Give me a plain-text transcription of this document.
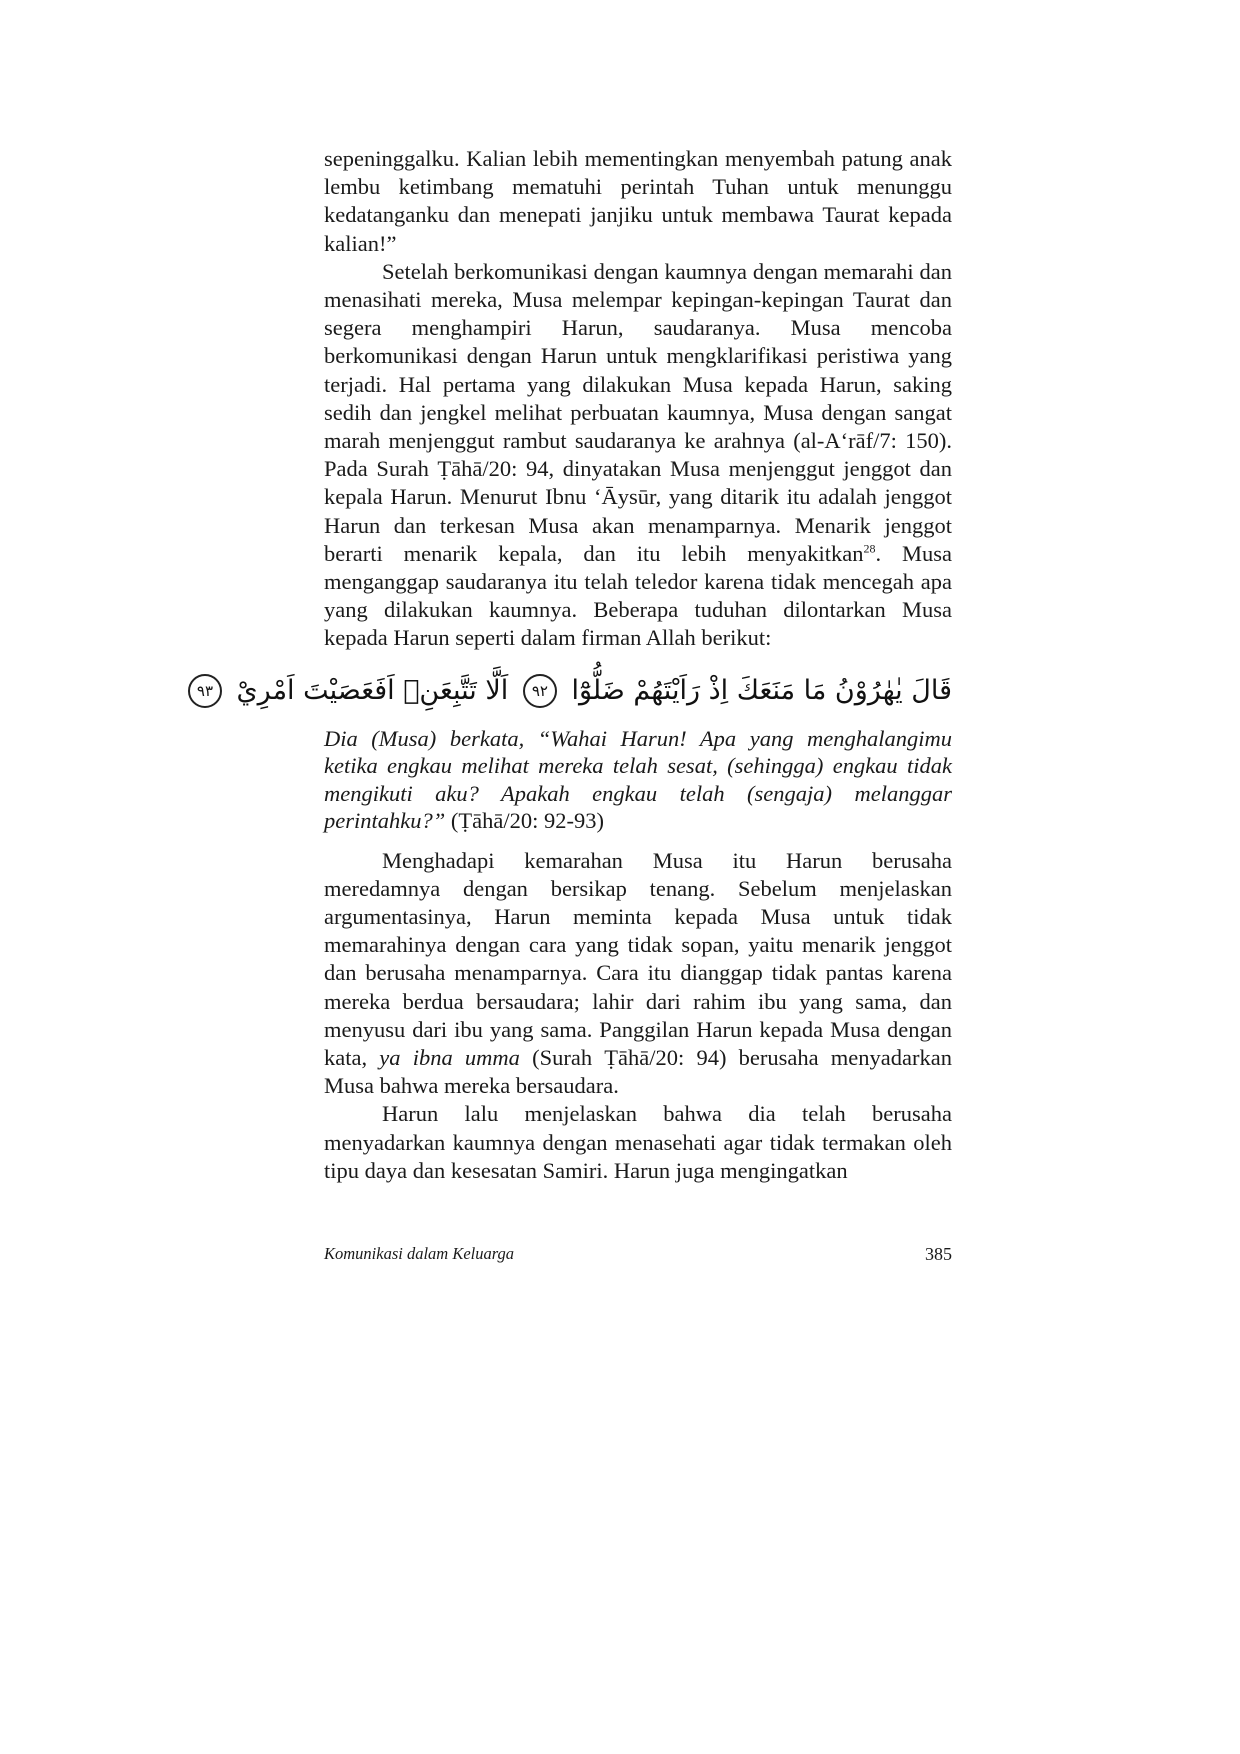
sepeninggalku. Kalian lebih mementingkan menyembah patung anak lembu ketimbang mematuhi perintah Tuhan untuk menunggu kedatanganku dan menepati janjiku untuk membawa Taurat kepada kalian!”

Setelah berkomunikasi dengan kaumnya dengan memarahi dan menasihati mereka, Musa melempar kepingan-kepingan Taurat dan segera menghampiri Harun, saudaranya. Musa mencoba berkomunikasi dengan Harun untuk mengklarifikasi peristiwa yang terjadi. Hal pertama yang dilakukan Musa kepada Harun, saking sedih dan jengkel melihat perbuatan kaumnya, Musa dengan sangat marah menjenggut rambut saudaranya ke arahnya (al-A‘rāf/7: 150). Pada Surah Ṭāhā/20: 94, dinyatakan Musa menjenggut jenggot dan kepala Harun. Menurut Ibnu ‘Āysūr, yang ditarik itu adalah jenggot Harun dan terkesan Musa akan menamparnya. Menarik jenggot berarti menarik kepala, dan itu lebih menyakitkan$^{28}$. Musa menganggap saudaranya itu telah teledor karena tidak mencegah apa yang dilakukan kaumnya. Beberapa tuduhan dilontarkan Musa kepada Harun seperti dalam firman Allah berikut:

قَالَ يٰهٰرُوْنُ مَا مَنَعَكَ اِذْ رَاَيْتَهُمْ ضَلُّوْٓا ٩٢ اَلَّا تَتَّبِعَنِۗ اَفَعَصَيْتَ اَمْرِيْ ٩٣

Dia (Musa) berkata, “Wahai Harun! Apa yang menghalangimu ketika engkau melihat mereka telah sesat, (sehingga) engkau tidak mengikuti aku? Apakah engkau telah (sengaja) melanggar perintahku?” (Ṭāhā/20: 92-93)

Menghadapi kemarahan Musa itu Harun berusaha meredamnya dengan bersikap tenang. Sebelum menjelaskan argumentasinya, Harun meminta kepada Musa untuk tidak memarahinya dengan cara yang tidak sopan, yaitu menarik jenggot dan berusaha menamparnya. Cara itu dianggap tidak pantas karena mereka berdua bersaudara; lahir dari rahim ibu yang sama, dan menyusu dari ibu yang sama. Panggilan Harun kepada Musa dengan kata, ya ibna umma (Surah Ṭāhā/20: 94) berusaha menyadarkan Musa bahwa mereka bersaudara.

Harun lalu menjelaskan bahwa dia telah berusaha menyadarkan kaumnya dengan menasehati agar tidak termakan oleh tipu daya dan kesesatan Samiri. Harun juga mengingatkan

Komunikasi dalam Keluarga	385
